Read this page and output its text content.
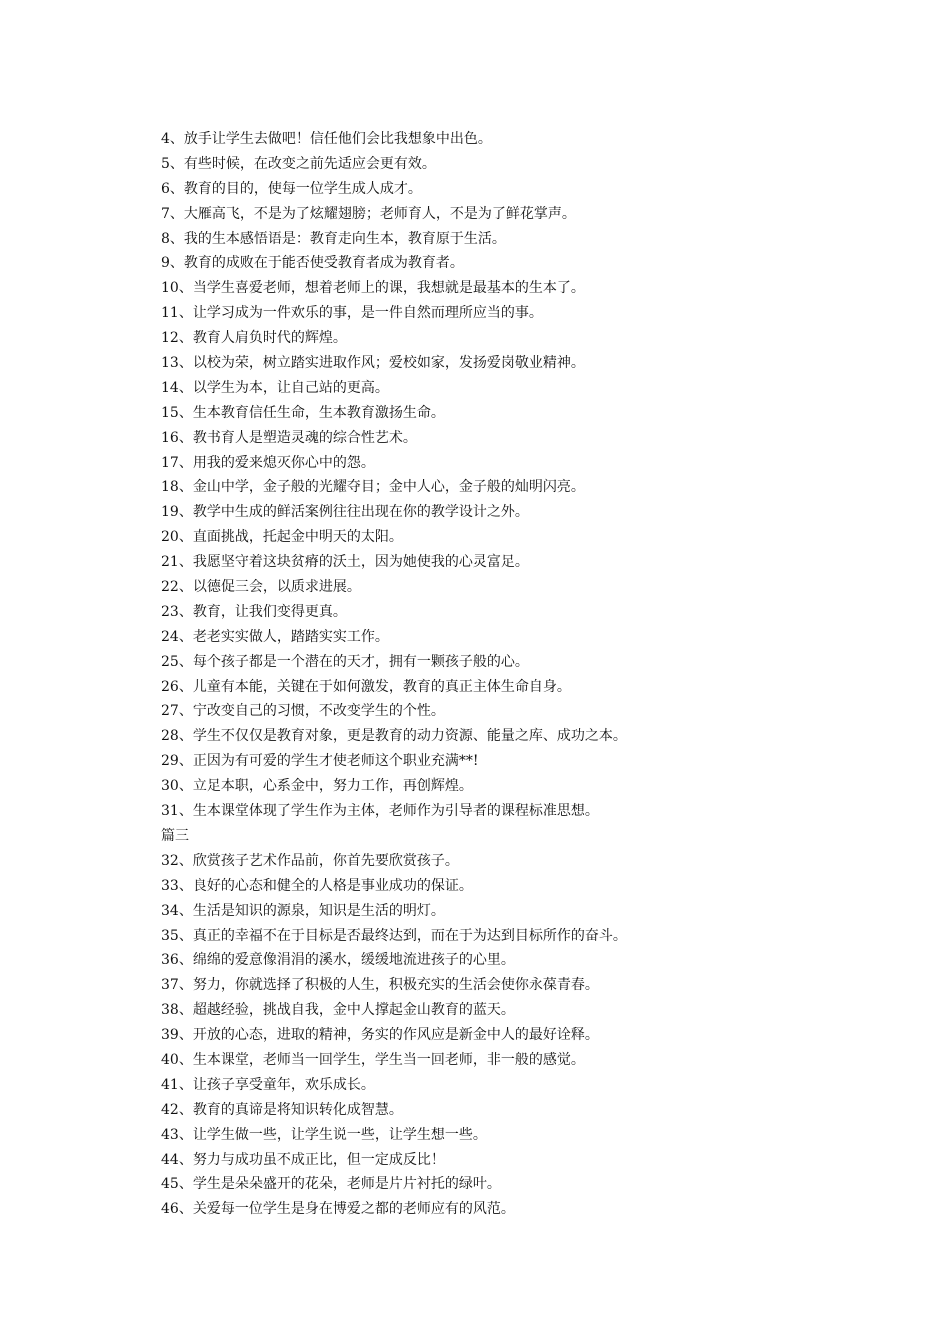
4、放手让学生去做吧！信任他们会比我想象中出色。
5、有些时候，在改变之前先适应会更有效。
6、教育的目的，使每一位学生成人成才。
7、大雁高飞，不是为了炫耀翅膀；老师育人，不是为了鲜花掌声。
8、我的生本感悟语是：教育走向生本，教育原于生活。
9、教育的成败在于能否使受教育者成为教育者。
10、当学生喜爱老师，想着老师上的课，我想就是最基本的生本了。
11、让学习成为一件欢乐的事，是一件自然而理所应当的事。
12、教育人肩负时代的辉煌。
13、以校为荣，树立踏实进取作风；爱校如家，发扬爱岗敬业精神。
14、以学生为本，让自己站的更高。
15、生本教育信任生命，生本教育激扬生命。
16、教书育人是塑造灵魂的综合性艺术。
17、用我的爱来熄灭你心中的怨。
18、金山中学，金子般的光耀夺目；金中人心，金子般的灿明闪亮。
19、教学中生成的鲜活案例往往出现在你的教学设计之外。
20、直面挑战，托起金中明天的太阳。
21、我愿坚守着这块贫瘠的沃土，因为她使我的心灵富足。
22、以德促三会，以质求进展。
23、教育，让我们变得更真。
24、老老实实做人，踏踏实实工作。
25、每个孩子都是一个潜在的天才，拥有一颗孩子般的心。
26、儿童有本能，关键在于如何激发，教育的真正主体生命自身。
27、宁改变自己的习惯，不改变学生的个性。
28、学生不仅仅是教育对象，更是教育的动力资源、能量之库、成功之本。
29、正因为有可爱的学生才使老师这个职业充满**!
30、立足本职，心系金中，努力工作，再创辉煌。
31、生本课堂体现了学生作为主体，老师作为引导者的课程标准思想。
篇三
32、欣赏孩子艺术作品前，你首先要欣赏孩子。
33、良好的心态和健全的人格是事业成功的保证。
34、生活是知识的源泉，知识是生活的明灯。
35、真正的幸福不在于目标是否最终达到，而在于为达到目标所作的奋斗。
36、绵绵的爱意像涓涓的溪水，缓缓地流进孩子的心里。
37、努力，你就选择了积极的人生，积极充实的生活会使你永葆青春。
38、超越经验，挑战自我，金中人撑起金山教育的蓝天。
39、开放的心态，进取的精神，务实的作风应是新金中人的最好诠释。
40、生本课堂，老师当一回学生，学生当一回老师，非一般的感觉。
41、让孩子享受童年，欢乐成长。
42、教育的真谛是将知识转化成智慧。
43、让学生做一些，让学生说一些，让学生想一些。
44、努力与成功虽不成正比，但一定成反比！
45、学生是朵朵盛开的花朵，老师是片片衬托的绿叶。
46、关爱每一位学生是身在博爱之都的老师应有的风范。
